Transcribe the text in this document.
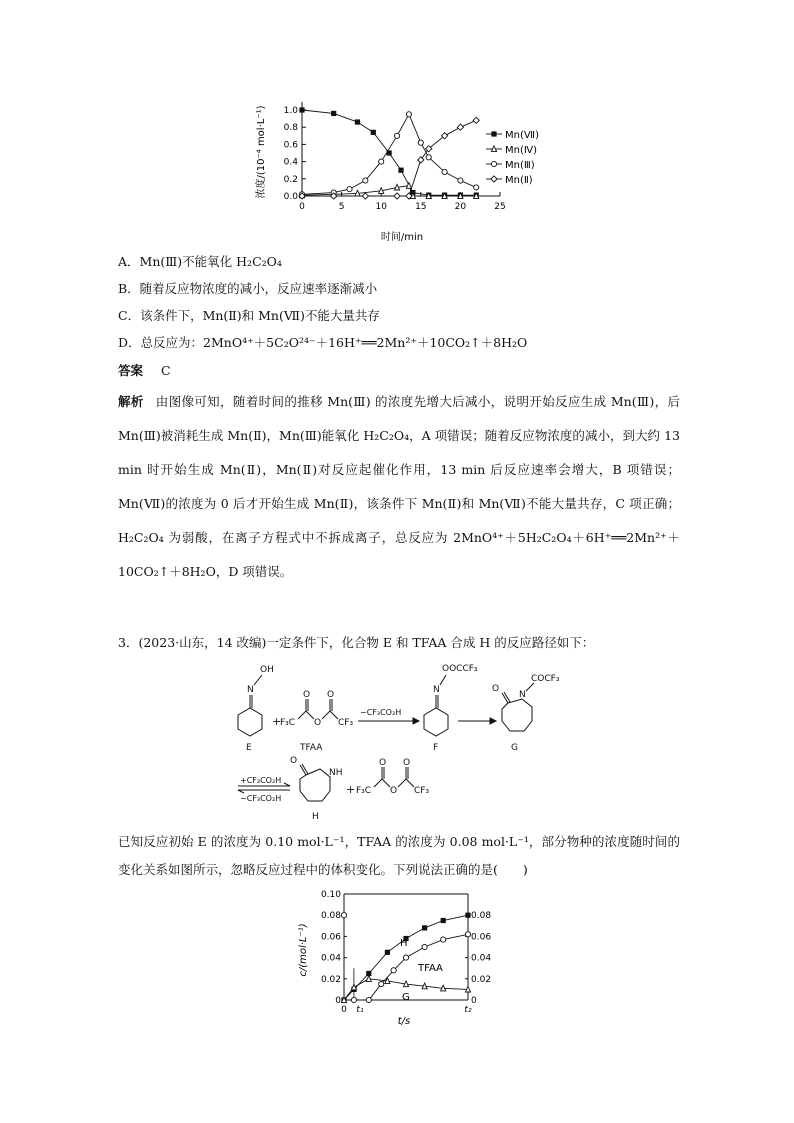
0.0
0.2
0.4
0.6
0.8
1.0
0	5	10	15	20	25
浓度/(10⁻⁴ mol·L⁻¹)
时间/min
Mn(Ⅶ)
Mn(Ⅳ)
Mn(Ⅲ)
Mn(Ⅱ)
A．Mn(Ⅲ)不能氧化 H₂C₂O₄
B．随着反应物浓度的减小，反应速率逐渐减小
C．该条件下，Mn(Ⅱ)和 Mn(Ⅶ)不能大量共存
D．总反应为：2MnO⁴⁺＋5C₂O²⁴⁻＋16H⁺══2Mn²⁺＋10CO₂↑＋8H₂O
答案 C
解析 由图像可知，随着时间的推移 Mn(Ⅲ) 的浓度先增大后减小，说明开始反应生成 Mn(Ⅲ)，后 Mn(Ⅲ)被消耗生成 Mn(Ⅱ)，Mn(Ⅲ)能氧化 H₂C₂O₄，A 项错误；随着反应物浓度的减小，到大约 13 min 时开始生成 Mn(Ⅱ)，Mn(Ⅱ)对反应起催化作用，13 min 后反应速率会增大，B 项错误；Mn(Ⅶ)的浓度为 0 后才开始生成 Mn(Ⅱ)，该条件下 Mn(Ⅱ)和 Mn(Ⅶ)不能大量共存，C 项正确；H₂C₂O₄ 为弱酸，在离子方程式中不拆成离子，总反应为 2MnO⁴⁺＋5H₂C₂O₄＋6H⁺══2Mn²⁺＋10CO₂↑＋8H₂O，D 项错误。
3．(2023·山东，14 改编)一定条件下，化合物 E 和 TFAA 合成 H 的反应路径如下：
N
OH
E
+
F₃C
O
O
O
CF₃
TFAA
−CF₃CO₂H
N
OOCCF₃
F
O
N
COCF₃
G
+CF₃CO₂H
−CF₃CO₂H
O
NH
H
+ F₃C
O
O
O
CF₃
已知反应初始 E 的浓度为 0.10 mol·L⁻¹，TFAA 的浓度为 0.08 mol·L⁻¹，部分物种的浓度随时间的变化关系如图所示，忽略反应过程中的体积变化。下列说法正确的是(　　)
0	0
0.02	0.02
0.04	0.04
0.06	0.06
0.08	0.08
0.10
c/(mol·L⁻¹)
t/s
0 t₁	t₂
H
TFAA
G
